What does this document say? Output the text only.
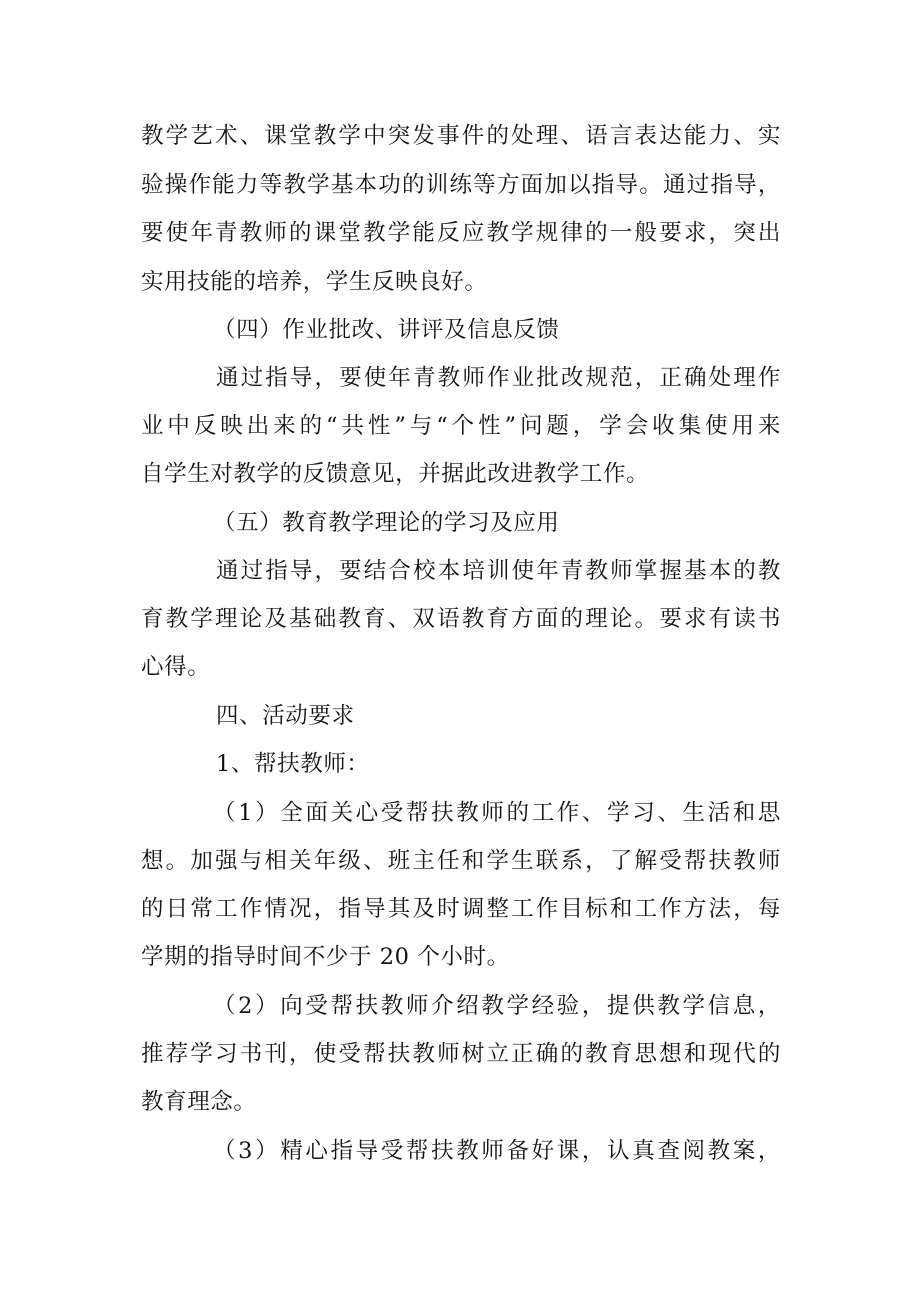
教学艺术、课堂教学中突发事件的处理、语言表达能力、实
验操作能力等教学基本功的训练等方面加以指导。通过指导，
要使年青教师的课堂教学能反应教学规律的一般要求，突出
实用技能的培养，学生反映良好。
（四）作业批改、讲评及信息反馈
通过指导，要使年青教师作业批改规范，正确处理作
业中反映出来的“共性”与“个性”问题，学会收集使用来
自学生对教学的反馈意见，并据此改进教学工作。
（五）教育教学理论的学习及应用
通过指导，要结合校本培训使年青教师掌握基本的教
育教学理论及基础教育、双语教育方面的理论。要求有读书
心得。
四、活动要求
1、帮扶教师：
（1）全面关心受帮扶教师的工作、学习、生活和思
想。加强与相关年级、班主任和学生联系，了解受帮扶教师
的日常工作情况，指导其及时调整工作目标和工作方法，每
学期的指导时间不少于 20 个小时。
（2）向受帮扶教师介绍教学经验，提供教学信息，
推荐学习书刊，使受帮扶教师树立正确的教育思想和现代的
教育理念。
（3）精心指导受帮扶教师备好课，认真查阅教案，
